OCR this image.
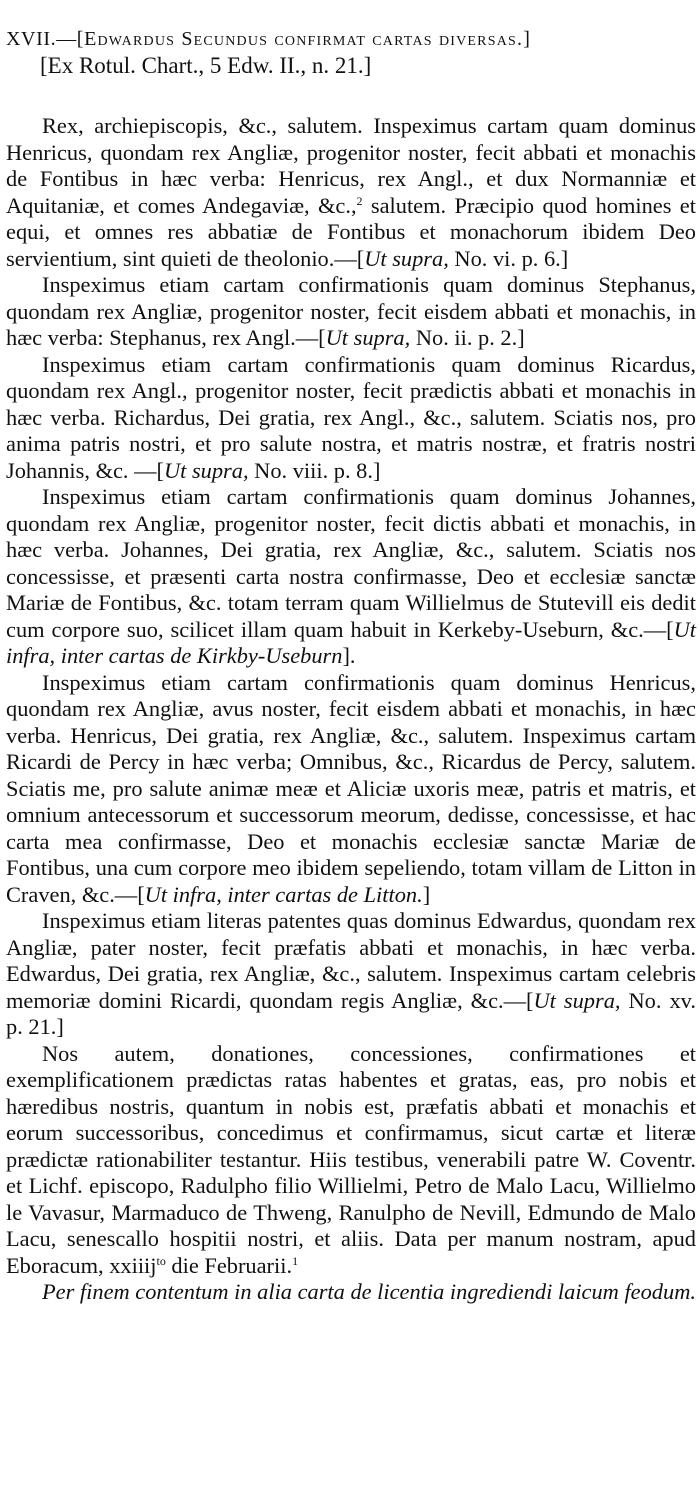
XVII.—[Edwardus Secundus confirmat cartas diversas.]
[Ex Rotul. Chart., 5 Edw. II., n. 21.]

Rex, archiepiscopis, &c., salutem. Inspeximus cartam quam dominus Henricus, quondam rex Angliæ, progenitor noster, fecit abbati et monachis de Fontibus in hæc verba: Henricus, rex Angl., et dux Normanniæ et Aquitaniæ, et comes Andegaviæ, &c.,$^2$ salutem. Præcipio quod homines et equi, et omnes res abbatiæ de Fontibus et monachorum ibidem Deo servientium, sint quieti de theolonio.—[Ut supra, No. vi. p. 6.]

Inspeximus etiam cartam confirmationis quam dominus Stephanus, quondam rex Angliæ, progenitor noster, fecit eisdem abbati et monachis, in hæc verba: Stephanus, rex Angl.—[Ut supra, No. ii. p. 2.]

Inspeximus etiam cartam confirmationis quam dominus Ricardus, quondam rex Angl., progenitor noster, fecit prædictis abbati et monachis in hæc verba. Richardus, Dei gratia, rex Angl., &c., salutem. Sciatis nos, pro anima patris nostri, et pro salute nostra, et matris nostræ, et fratris nostri Johannis, &c. —[Ut supra, No. viii. p. 8.]

Inspeximus etiam cartam confirmationis quam dominus Johannes, quondam rex Angliæ, progenitor noster, fecit dictis abbati et monachis, in hæc verba. Johannes, Dei gratia, rex Angliæ, &c., salutem. Sciatis nos concessisse, et præsenti carta nostra confirmasse, Deo et ecclesiæ sanctæ Mariæ de Fontibus, &c. totam terram quam Willielmus de Stutevill eis dedit cum corpore suo, scilicet illam quam habuit in Kerkeby-Useburn, &c.—[Ut infra, inter cartas de Kirkby-Useburn].

Inspeximus etiam cartam confirmationis quam dominus Henricus, quondam rex Angliæ, avus noster, fecit eisdem abbati et monachis, in hæc verba. Henricus, Dei gratia, rex Angliæ, &c., salutem. Inspeximus cartam Ricardi de Percy in hæc verba; Omnibus, &c., Ricardus de Percy, salutem. Sciatis me, pro salute animæ meæ et Aliciæ uxoris meæ, patris et matris, et omnium antecessorum et successorum meorum, dedisse, concessisse, et hac carta mea confirmasse, Deo et monachis ecclesiæ sanctæ Mariæ de Fontibus, una cum corpore meo ibidem sepeliendo, totam villam de Litton in Craven, &c.—[Ut infra, inter cartas de Litton.]

Inspeximus etiam literas patentes quas dominus Edwardus, quondam rex Angliæ, pater noster, fecit præfatis abbati et monachis, in hæc verba. Edwardus, Dei gratia, rex Angliæ, &c., salutem. Inspeximus cartam celebris memoriæ domini Ricardi, quondam regis Angliæ, &c.—[Ut supra, No. xv. p. 21.]

Nos autem, donationes, concessiones, confirmationes et exemplificationem prædictas ratas habentes et gratas, eas, pro nobis et hæredibus nostris, quantum in nobis est, præfatis abbati et monachis et eorum successoribus, concedimus et confirmamus, sicut cartæ et literæ prædictæ rationabiliter testantur. Hiis testibus, venerabili patre W. Coventr. et Lichf. episcopo, Radulpho filio Willielmi, Petro de Malo Lacu, Willielmo le Vavasur, Marmaduco de Thweng, Ranulpho de Nevill, Edmundo de Malo Lacu, senescallo hospitii nostri, et aliis. Data per manum nostram, apud Eboracum, xxiiij$^{to}$ die Februarii.$^1$

Per finem contentum in alia carta de licentia ingrediendi laicum feodum.
